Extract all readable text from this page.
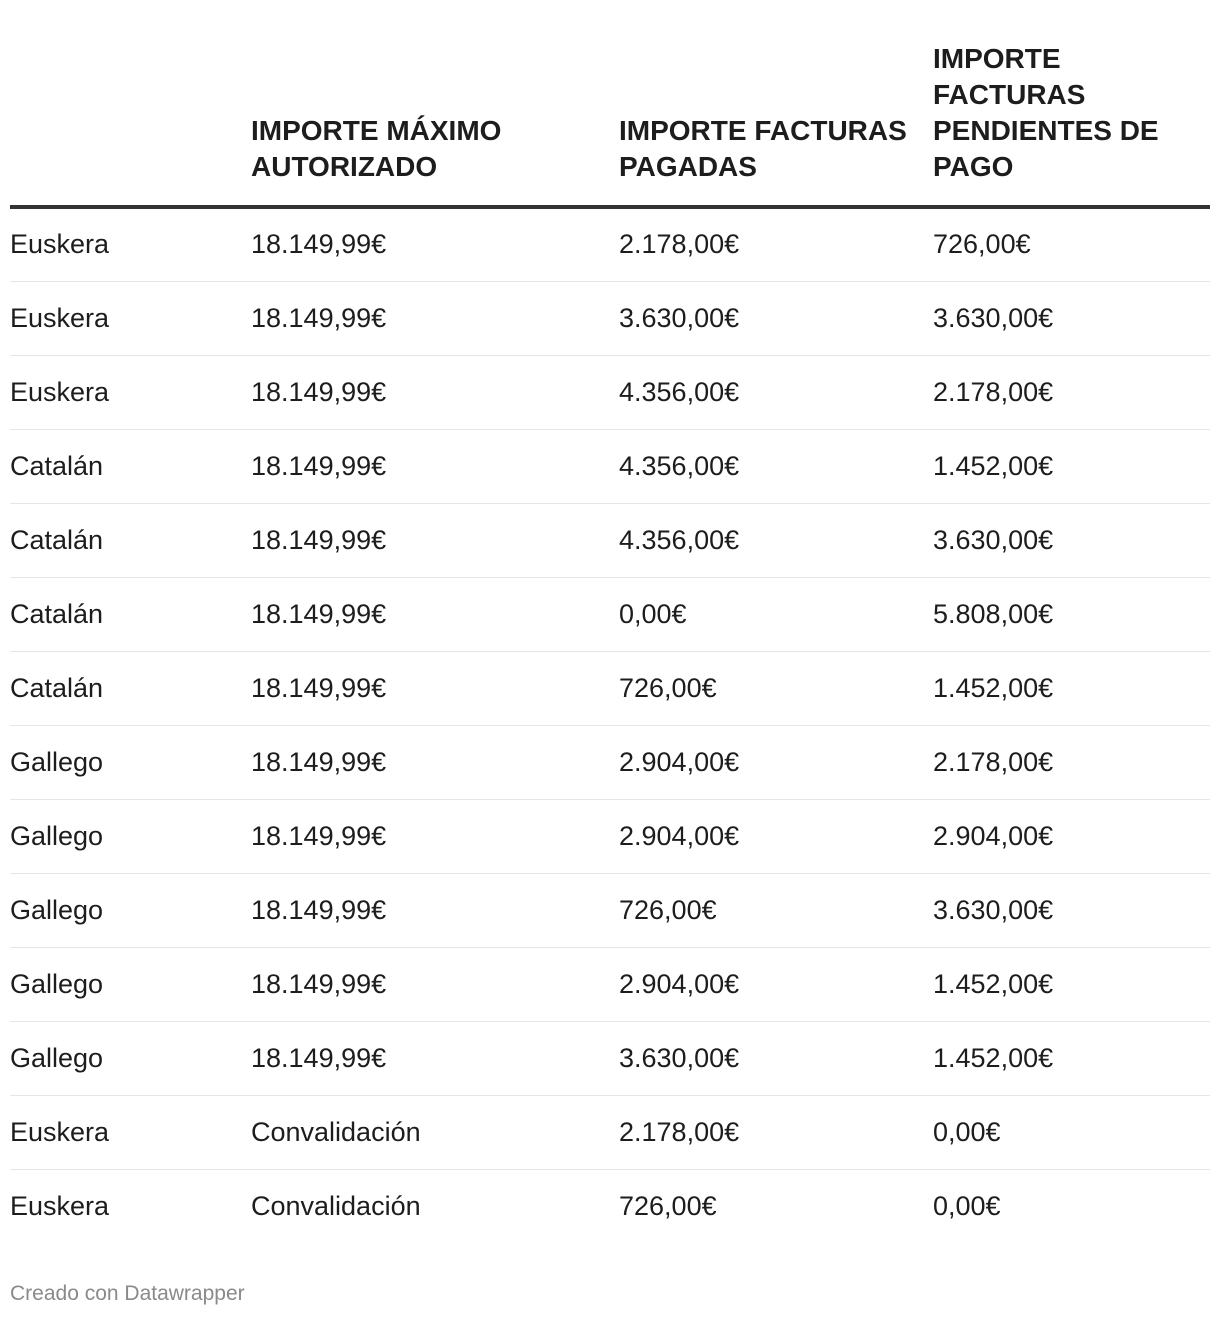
	IMPORTE MÁXIMO AUTORIZADO	IMPORTE FACTURAS PAGADAS	IMPORTE FACTURAS PENDIENTES DE PAGO
Euskera	18.149,99€	2.178,00€	726,00€
Euskera	18.149,99€	3.630,00€	3.630,00€
Euskera	18.149,99€	4.356,00€	2.178,00€
Catalán	18.149,99€	4.356,00€	1.452,00€
Catalán	18.149,99€	4.356,00€	3.630,00€
Catalán	18.149,99€	0,00€	5.808,00€
Catalán	18.149,99€	726,00€	1.452,00€
Gallego	18.149,99€	2.904,00€	2.178,00€
Gallego	18.149,99€	2.904,00€	2.904,00€
Gallego	18.149,99€	726,00€	3.630,00€
Gallego	18.149,99€	2.904,00€	1.452,00€
Gallego	18.149,99€	3.630,00€	1.452,00€
Euskera	Convalidación	2.178,00€	0,00€
Euskera	Convalidación	726,00€	0,00€
Creado con Datawrapper
